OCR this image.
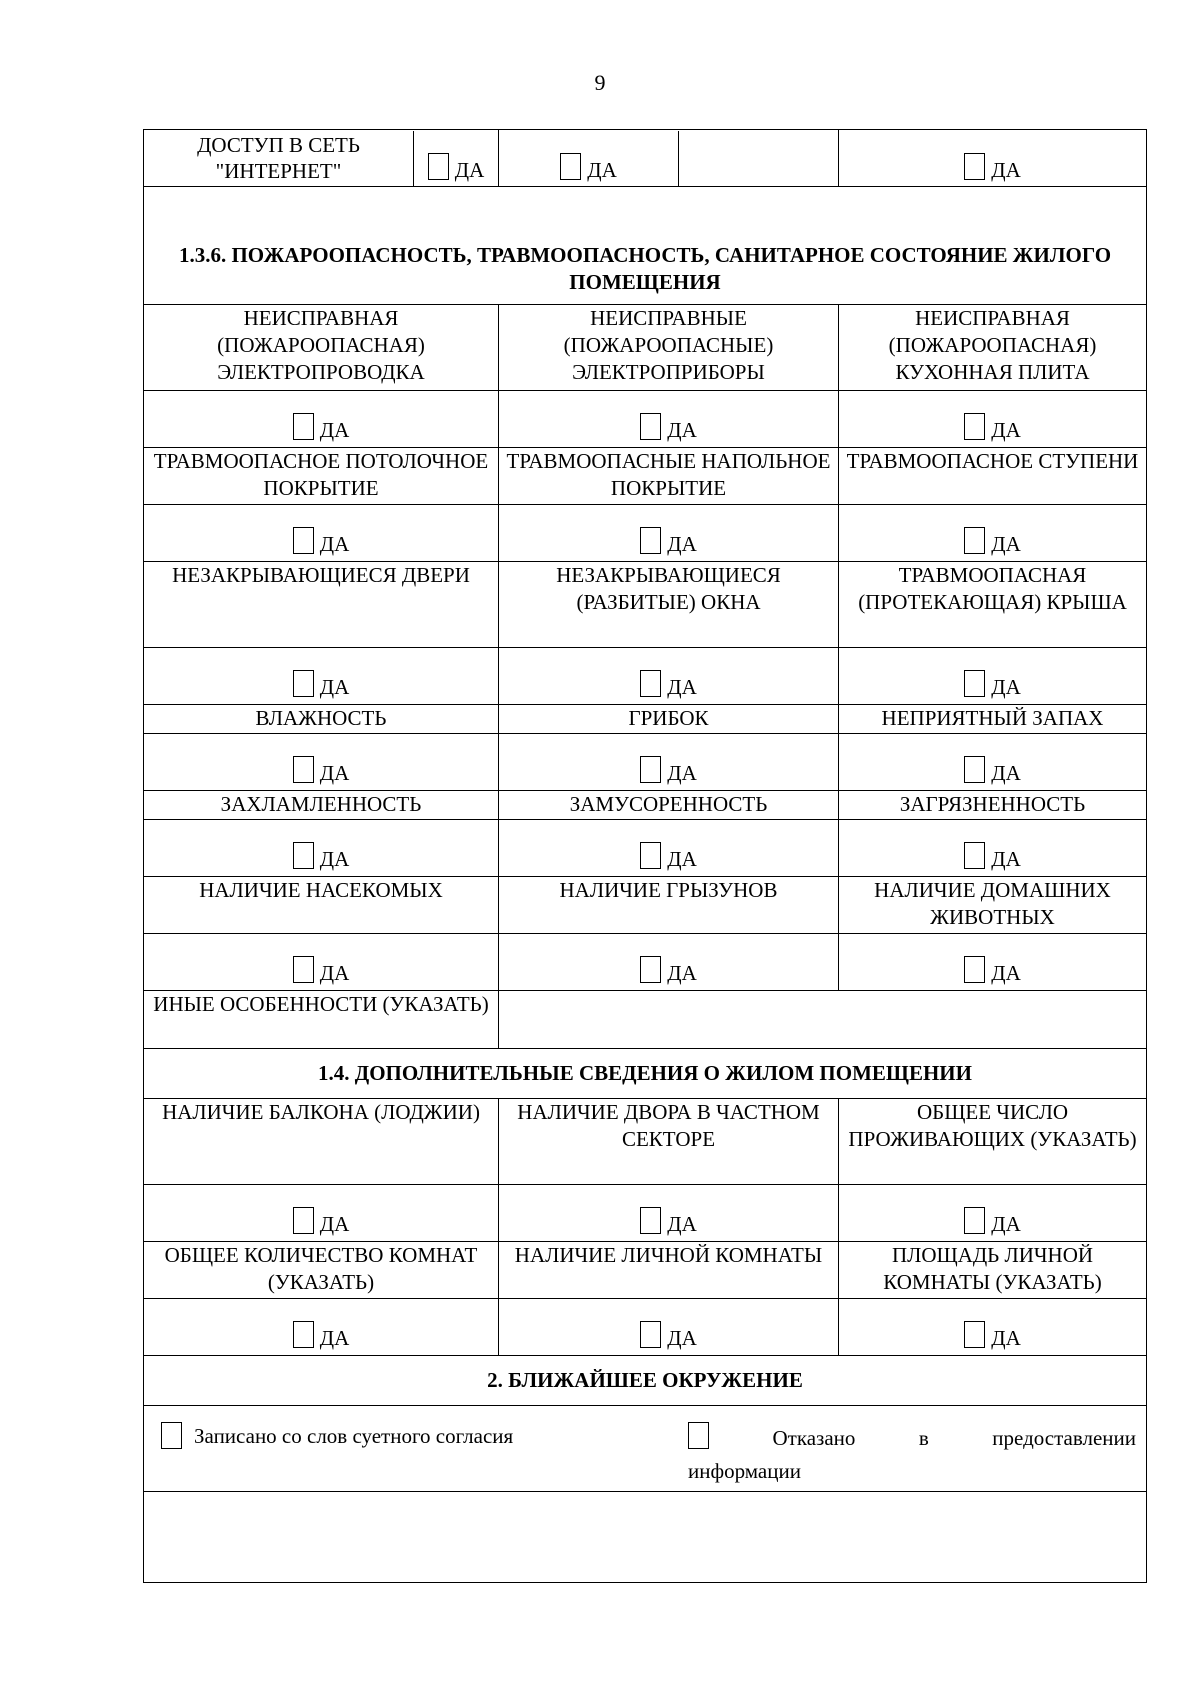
9
ДОСТУП В СЕТЬ "ИНТЕРНЕТ" ДА	ДА	ДА

1.3.6. ПОЖАРООПАСНОСТЬ, ТРАВМООПАСНОСТЬ, САНИТАРНОЕ СОСТОЯНИЕ ЖИЛОГО ПОМЕЩЕНИЯ		
НЕИСПРАВНАЯ (ПОЖАРООПАСНАЯ) ЭЛЕКТРОПРОВОДКА	НЕИСПРАВНЫЕ (ПОЖАРООПАСНЫЕ) ЭЛЕКТРОПРИБОРЫ	НЕИСПРАВНАЯ (ПОЖАРООПАСНАЯ) КУХОННАЯ ПЛИТА

ДА	ДА	ДА

ТРАВМООПАСНОЕ ПОТОЛОЧНОЕ ПОКРЫТИЕ	ТРАВМООПАСНЫЕ НАПОЛЬНОЕ ПОКРЫТИЕ	ТРАВМООПАСНОЕ СТУПЕНИ

ДА	ДА	ДА

НЕЗАКРЫВАЮЩИЕСЯ ДВЕРИ	НЕЗАКРЫВАЮЩИЕСЯ (РАЗБИТЫЕ) ОКНА	ТРАВМООПАСНАЯ (ПРОТЕКАЮЩАЯ) КРЫША

ДА	ДА	ДА

ВЛАЖНОСТЬ	ГРИБОК	НЕПРИЯТНЫЙ ЗАПАХ

ДА	ДА	ДА

ЗАХЛАМЛЕННОСТЬ	ЗАМУСОРЕННОСТЬ	ЗАГРЯЗНЕННОСТЬ

ДА	ДА	ДА

НАЛИЧИЕ НАСЕКОМЫХ	НАЛИЧИЕ ГРЫЗУНОВ	НАЛИЧИЕ ДОМАШНИХ ЖИВОТНЫХ

ДА	ДА	ДА

ИНЫЕ ОСОБЕННОСТИ (УКАЗАТЬ)		
1.4. ДОПОЛНИТЕЛЬНЫЕ СВЕДЕНИЯ О ЖИЛОМ ПОМЕЩЕНИИ		
НАЛИЧИЕ БАЛКОНА (ЛОДЖИИ)	НАЛИЧИЕ ДВОРА В ЧАСТНОМ СЕКТОРЕ	ОБЩЕЕ ЧИСЛО ПРОЖИВАЮЩИХ (УКАЗАТЬ)

ДА	ДА	ДА

ОБЩЕЕ КОЛИЧЕСТВО КОМНАТ (УКАЗАТЬ)	НАЛИЧИЕ ЛИЧНОЙ КОМНАТЫ	ПЛОЩАДЬ ЛИЧНОЙ КОМНАТЫ (УКАЗАТЬ)

ДА	ДА	ДА

2. БЛИЖАЙШЕЕ ОКРУЖЕНИЕ		

Записано со слов суетного согласия Отказано в предоставлении
информации		
